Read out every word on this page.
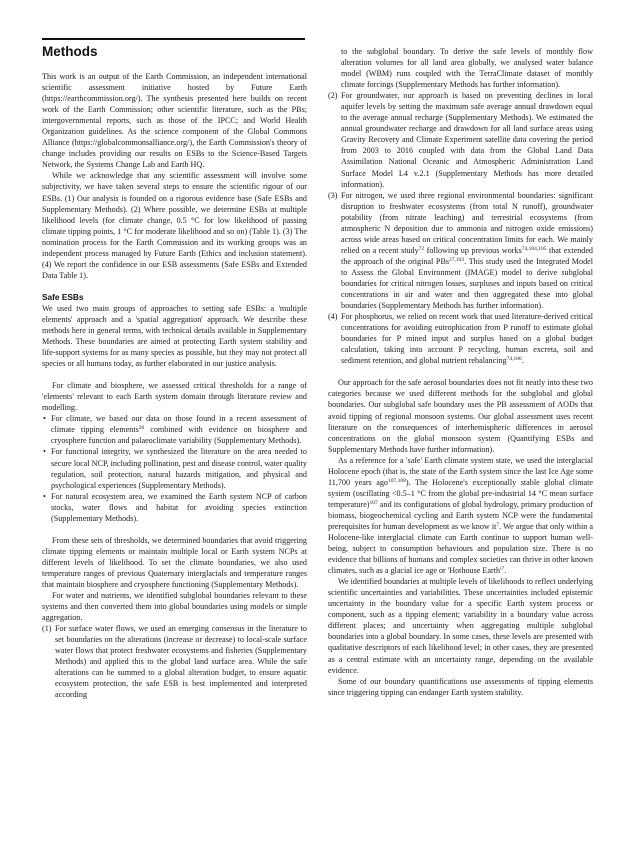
Methods

This work is an output of the Earth Commission, an independent international scientific assessment initiative hosted by Future Earth (https://earthcommission.org/). The synthesis presented here builds on recent work of the Earth Commission; other scientific literature, such as the PBs; intergovernmental reports, such as those of the IPCC; and World Health Organization guidelines. As the science component of the Global Commons Alliance (https://globalcommonsalliance.org/), the Earth Commission's theory of change includes providing our results on ESBs to the Science-Based Targets Network, the Systems Change Lab and Earth HQ.

While we acknowledge that any scientific assessment will involve some subjectivity, we have taken several steps to ensure the scientific rigour of our ESBs. (1) Our analysis is founded on a rigorous evidence base (Safe ESBs and Supplementary Methods). (2) Where possible, we determine ESBs at multiple likelihood levels (for climate change, 0.5 °C for low likelihood of passing climate tipping points, 1 °C for moderate likelihood and so on) (Table 1). (3) The nomination process for the Earth Commission and its working groups was an independent process managed by Future Earth (Ethics and inclusion statement). (4) We report the confidence in our ESB assessments (Safe ESBs and Extended Data Table 1).

Safe ESBs

We used two main groups of approaches to setting safe ESBs: a 'multiple elements' approach and a 'spatial aggregation' approach. We describe these methods here in general terms, with technical details available in Supplementary Methods. These boundaries are aimed at protecting Earth system stability and life-support systems for as many species as possible, but they may not protect all species or all humans today, as further elaborated in our justice analysis.

For climate and biosphere, we assessed critical thresholds for a range of 'elements' relevant to each Earth system domain through literature review and modelling.

• For climate, we based our data on those found in a recent assessment of climate tipping elements$^{26}$ combined with evidence on biosphere and cryosphere function and palaeoclimate variability (Supplementary Methods).
• For functional integrity, we synthesized the literature on the area needed to secure local NCP, including pollination, pest and disease control, water quality regulation, soil protection, natural hazards mitigation, and physical and psychological experiences (Supplementary Methods).
• For natural ecosystem area, we examined the Earth system NCP of carbon stocks, water flows and habitat for avoiding species extinction (Supplementary Methods).

From these sets of thresholds, we determined boundaries that avoid triggering climate tipping elements or maintain multiple local or Earth system NCPs at different levels of likelihood. To set the climate boundaries, we also used temperature ranges of previous Quaternary interglacials and temperature ranges that maintain biosphere and cryosphere functioning (Supplementary Methods).

For water and nutrients, we identified subglobal boundaries relevant to these systems and then converted them into global boundaries using models or simple aggregation.

(1) For surface water flows, we used an emerging consensus in the literature to set boundaries on the alterations (increase or decrease) to local-scale surface water flows that protect freshwater ecosystems and fisheries (Supplementary Methods) and applied this to the global land surface area. While the safe alterations can be summed to a global alteration budget, to ensure aquatic ecosystem protection, the safe ESB is best implemented and interpreted according
to the subglobal boundary. To derive the safe levels of monthly flow alteration volumes for all land area globally, we analysed water balance model (WBM) runs coupled with the TerraClimate dataset of monthly climate forcings (Supplementary Methods has further information).
(2) For groundwater, our approach is based on preventing declines in local aquifer levels by setting the maximum safe average annual drawdown equal to the average annual recharge (Supplementary Methods). We estimated the annual groundwater recharge and drawdown for all land surface areas using Gravity Recovery and Climate Experiment satellite data covering the period from 2003 to 2016 coupled with data from the Global Land Data Assimilation National Oceanic and Atmospheric Administration Land Surface Model L4 v.2.1 (Supplementary Methods has more detailed information).
(3) For nitrogen, we used three regional environmental boundaries: significant disruption to freshwater ecosystems (from total N runoff), groundwater potability (from nitrate leaching) and terrestrial ecosystems (from atmospheric N deposition due to ammonia and nitrogen oxide emissions) across wide areas based on critical concentration limits for each. We mainly relied on a recent study$^{72}$ following up previous works$^{74,104,105}$ that extended the approach of the original PBs$^{27,103}$. This study used the Integrated Model to Assess the Global Environment (IMAGE) model to derive subglobal boundaries for critical nitrogen losses, surpluses and inputs based on critical concentrations in air and water and then aggregated these into global boundaries (Supplementary Methods has further information).
(4) For phosphorus, we relied on recent work that used literature-derived critical concentrations for avoiding eutrophication from P runoff to estimate global boundaries for P mined input and surplus based on a global budget calculation, taking into account P recycling, human excreta, soil and sediment retention, and global nutrient rebalancing$^{74,106}$.

Our approach for the safe aerosol boundaries does not fit neatly into these two categories because we used different methods for the subglobal and global boundaries. Our subglobal safe boundary uses the PB assessment of AODs that avoid tipping of regional monsoon systems. Our global assessment uses recent literature on the consequences of interhemispheric differences in aerosol concentrations on the global monsoon system (Quantifying ESBs and Supplementary Methods have further information).

As a reference for a 'safe' Earth climate system state, we used the interglacial Holocene epoch (that is, the state of the Earth system since the last Ice Age some 11,700 years ago$^{107,108}$). The Holocene's exceptionally stable global climate system (oscillating <0.5–1 °C from the global pre-industrial 14 °C mean surface temperature)$^{107}$ and its configurations of global hydrology, primary production of biomass, biogeochemical cycling and Earth system NCP were the fundamental prerequisites for human development as we know $it^7$. We argue that only within a Holocene-like interglacial climate can Earth continue to support human well-being, subject to consumption behaviours and population size. There is no evidence that billions of humans and complex societies can thrive in other known climates, such as a glacial ice age or 'Hothouse $Earth'^7$.

We identified boundaries at multiple levels of likelihoods to reflect underlying scientific uncertainties and variabilities. These uncertainties included epistemic uncertainty in the boundary value for a specific Earth system process or component, such as a tipping element; variability in a boundary value across different places; and uncertainty when aggregating multiple subglobal boundaries into a global boundary. In some cases, these levels are presented with qualitative descriptors of each likelihood level; in other cases, they are presented as a central estimate with an uncertainty range, depending on the available evidence.

Some of our boundary quantifications use assessments of tipping elements since triggering tipping can endanger Earth system stability.
